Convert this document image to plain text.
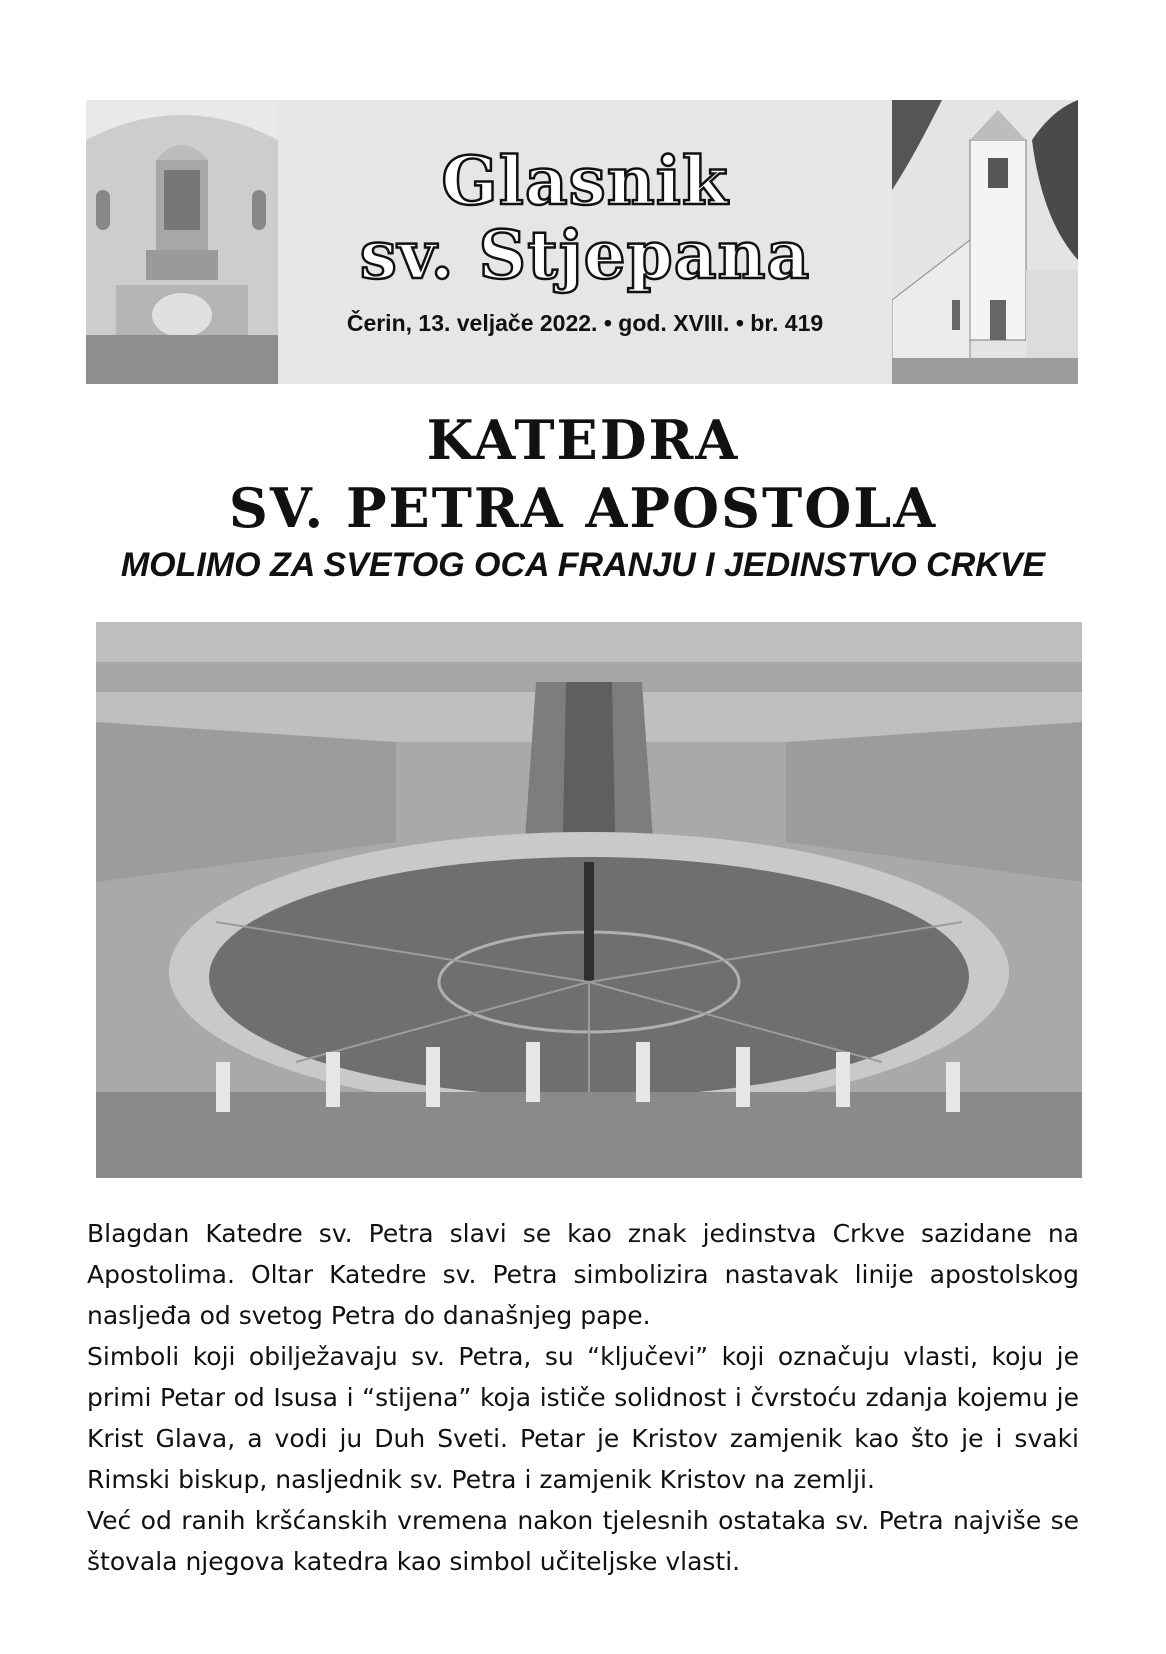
Glasnik
sv. Stjepana
Čerin, 13. veljače 2022. • god. XVIII. • br. 419
KATEDRA
SV. PETRA APOSTOLA
MOLIMO ZA SVETOG OCA FRANJU I JEDINSTVO CRKVE

Blagdan Katedre sv. Petra slavi se kao znak jedinstva Crkve sazidane na Apostolima. Oltar Katedre sv. Petra simbolizira nastavak linije apostolskog nasljeđa od svetog Petra do današnjeg pape.

Simboli koji obilježavaju sv. Petra, su “ključevi” koji označuju vlasti, koju je primi Petar od Isusa i “stijena” koja ističe solidnost i čvrstoću zdanja kojemu je Krist Glava, a vodi ju Duh Sveti. Petar je Kristov zamjenik kao što je i svaki Rimski biskup, nasljednik sv. Petra i zamjenik Kristov na zemlji.

Već od ranih kršćanskih vremena nakon tjelesnih ostataka sv. Petra najviše se štovala njegova katedra kao simbol učiteljske vlasti.
